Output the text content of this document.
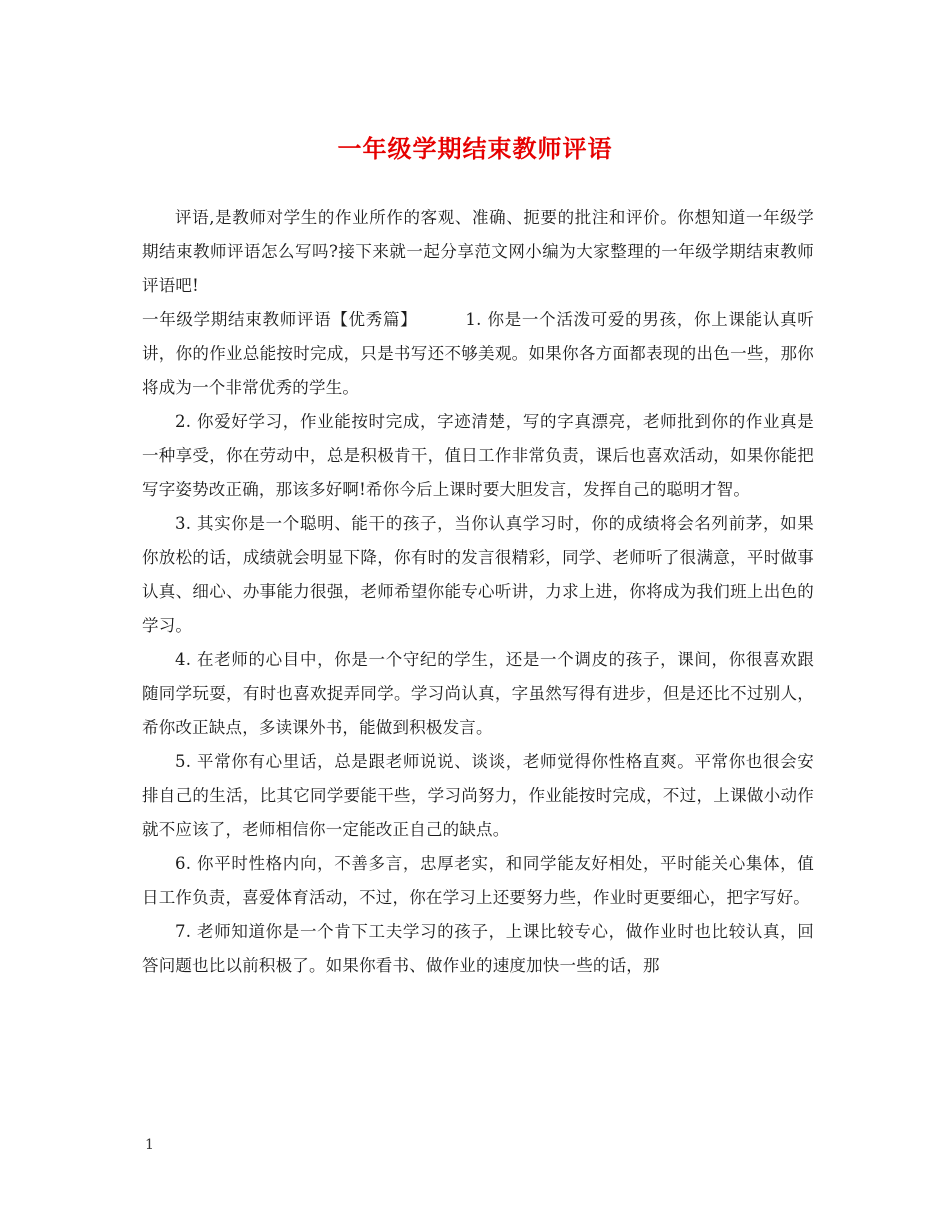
一年级学期结束教师评语

评语,是教师对学生的作业所作的客观、准确、扼要的批注和评价。你想知道一年级学期结束教师评语怎么写吗?接下来就一起分享范文网小编为大家整理的一年级学期结束教师评语吧!

一年级学期结束教师评语【优秀篇】	1. 你是一个活泼可爱的男孩，你上课能认真听讲，你的作业总能按时完成，只是书写还不够美观。如果你各方面都表现的出色一些，那你将成为一个非常优秀的学生。

2. 你爱好学习，作业能按时完成，字迹清楚，写的字真漂亮，老师批到你的作业真是一种享受，你在劳动中，总是积极肯干，值日工作非常负责，课后也喜欢活动，如果你能把写字姿势改正确，那该多好啊!希你今后上课时要大胆发言，发挥自己的聪明才智。

3. 其实你是一个聪明、能干的孩子，当你认真学习时，你的成绩将会名列前茅，如果你放松的话，成绩就会明显下降，你有时的发言很精彩，同学、老师听了很满意，平时做事认真、细心、办事能力很强，老师希望你能专心听讲，力求上进，你将成为我们班上出色的学习。

4. 在老师的心目中，你是一个守纪的学生，还是一个调皮的孩子，课间，你很喜欢跟随同学玩耍，有时也喜欢捉弄同学。学习尚认真，字虽然写得有进步，但是还比不过别人，希你改正缺点，多读课外书，能做到积极发言。

5. 平常你有心里话，总是跟老师说说、谈谈，老师觉得你性格直爽。平常你也很会安排自己的生活，比其它同学要能干些，学习尚努力，作业能按时完成，不过，上课做小动作就不应该了，老师相信你一定能改正自己的缺点。

6. 你平时性格内向，不善多言，忠厚老实，和同学能友好相处，平时能关心集体，值日工作负责，喜爱体育活动，不过，你在学习上还要努力些，作业时更要细心，把字写好。

7. 老师知道你是一个肯下工夫学习的孩子，上课比较专心，做作业时也比较认真，回答问题也比以前积极了。如果你看书、做作业的速度加快一些的话，那

1
